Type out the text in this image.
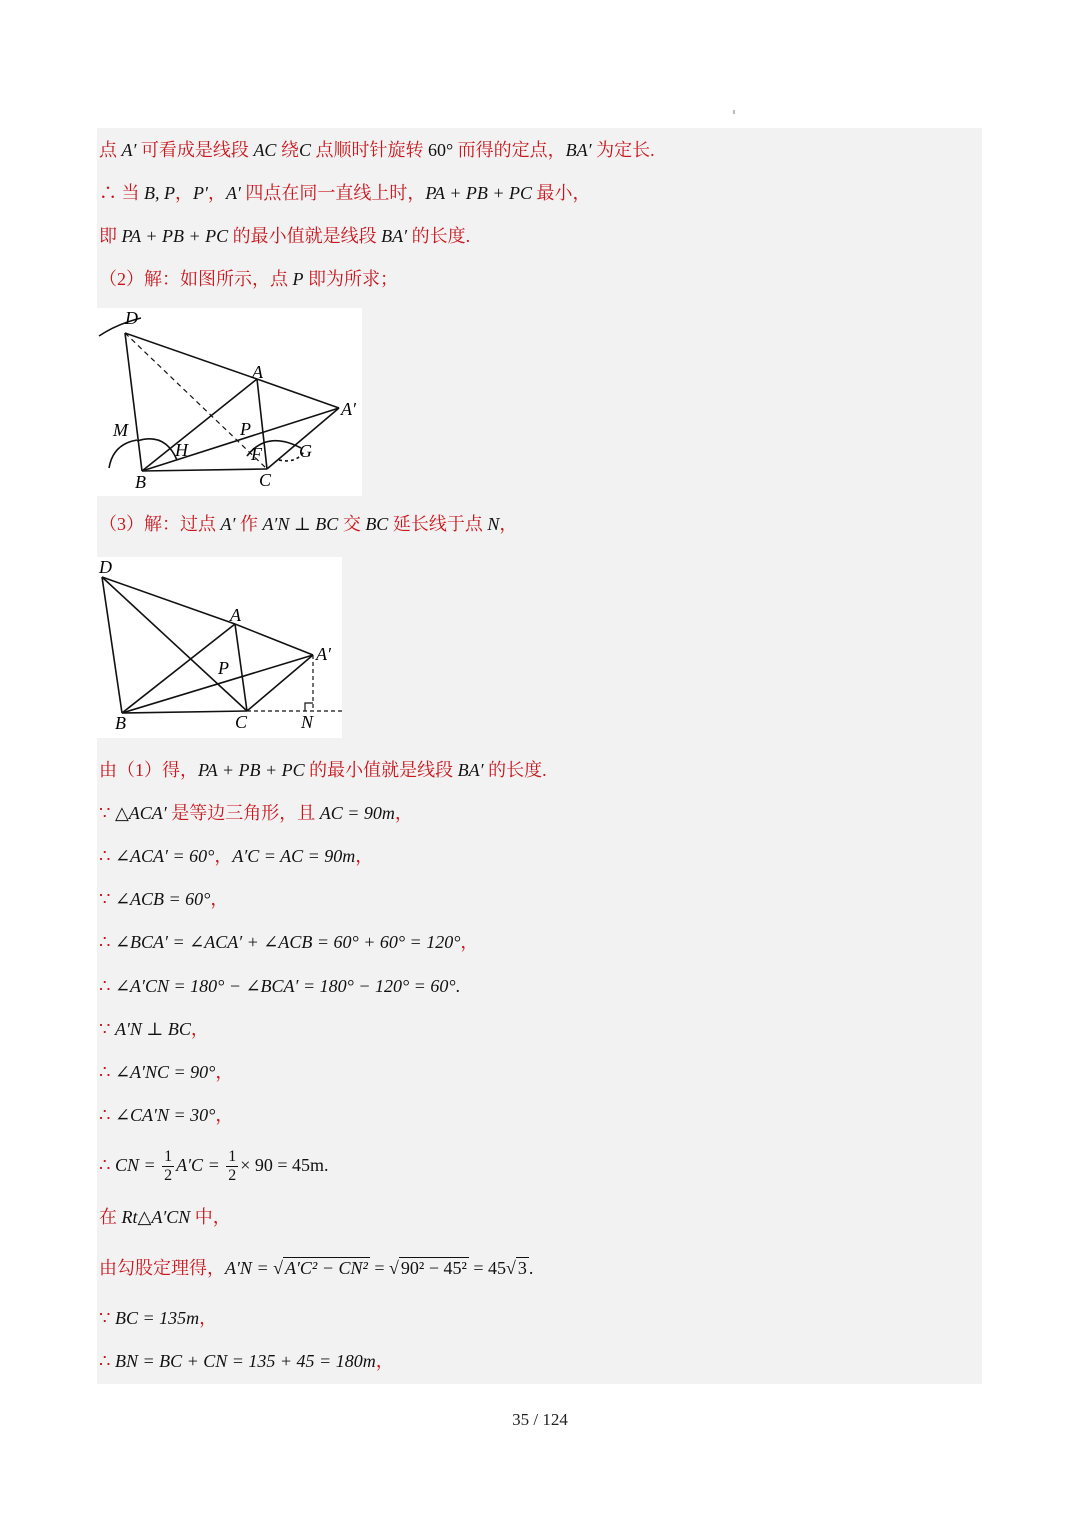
点 A′ 可看成是线段 AC 绕C 点顺时针旋转 60° 而得的定点，BA′ 为定长.
∴ 当 B, P，P′，A′ 四点在同一直线上时，PA + PB + PC 最小，
即 PA + PB + PC 的最小值就是线段 BA′ 的长度.
（2）解：如图所示，点 P 即为所求；
D
A
A′
M
H
P
F G
B	C
（3）解：过点 A′ 作 A′N ⊥ BC 交 BC 延长线于点 N，
D
A
A′
P
B	C	N
由（1）得，PA + PB + PC 的最小值就是线段 BA′ 的长度.
∵ △ACA′ 是等边三角形，且 AC = 90m，
∴ ∠ACA′ = 60°，A′C = AC = 90m，
∵ ∠ACB = 60°，
∴ ∠BCA′ = ∠ACA′ + ∠ACB = 60° + 60° = 120°，
∴ ∠A′CN = 180° − ∠BCA′ = 180° − 120° = 60°.
∵ A′N ⊥ BC，
∴ ∠A′NC = 90°，
∴ ∠CA′N = 30°，
∴ CN = $\frac{1}{2} A'C = \frac{1}{2} \times 90 = 45m$.
在 Rt△A′CN 中，
由勾股定理得，A′N = √ A′C² − CN² = √ 90² − 45² = 45√ 3 .
∵ BC = 135m，
∴ BN = BC + CN = 135 + 45 = 180m，
35 / 124
